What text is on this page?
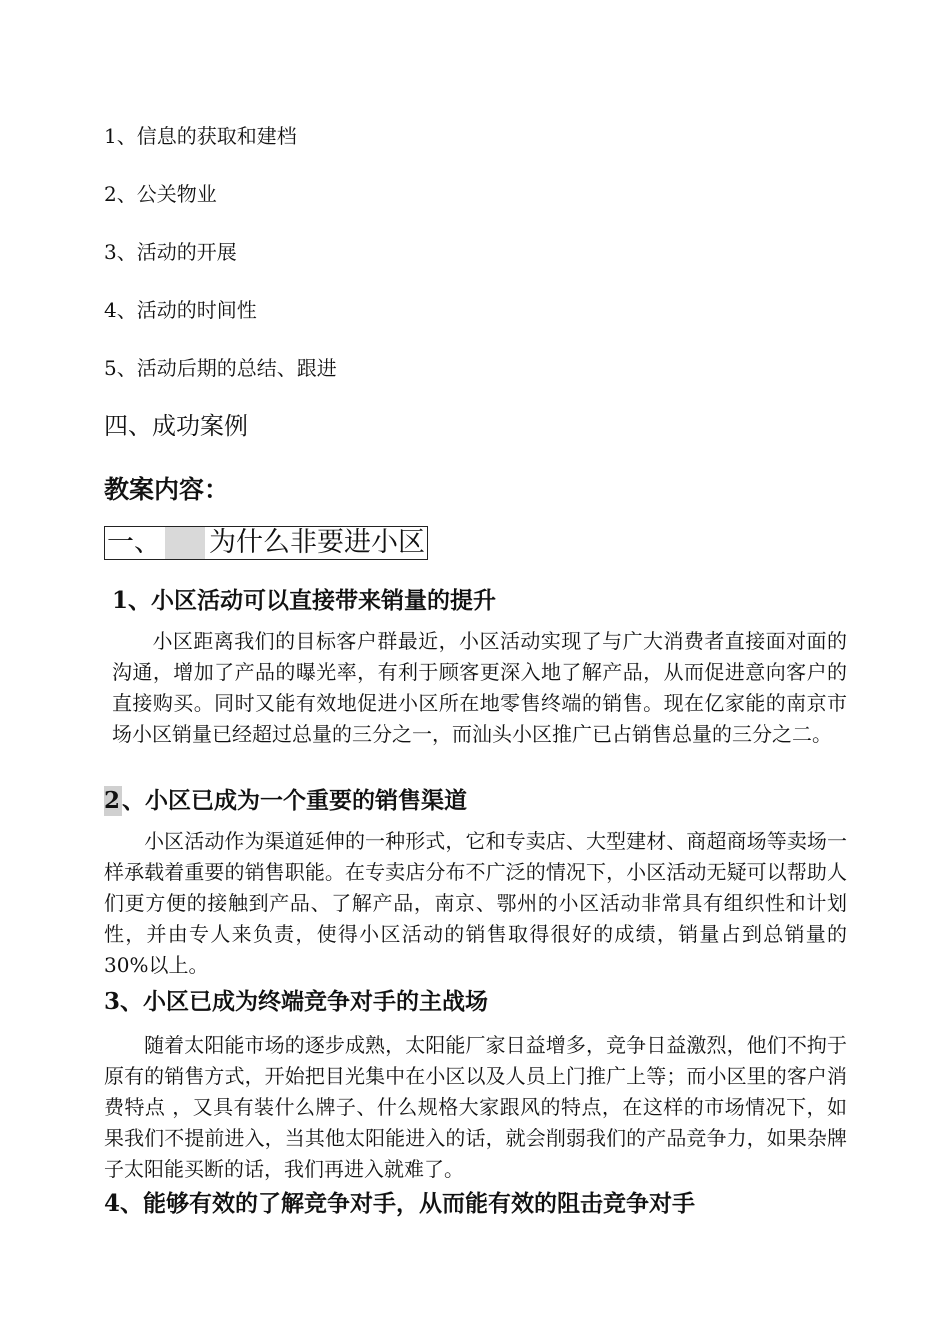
1、信息的获取和建档
2、公关物业
3、活动的开展
4、活动的时间性
5、活动后期的总结、跟进
四、成功案例
教案内容：
一、 为什么非要进小区
1、小区活动可以直接带来销量的提升
小区距离我们的目标客户群最近，小区活动实现了与广大消费者直接面对面的沟通，增加了产品的曝光率，有利于顾客更深入地了解产品，从而促进意向客户的直接购买。同时又能有效地促进小区所在地零售终端的销售。现在亿家能的南京市场小区销量已经超过总量的三分之一，而汕头小区推广已占销售总量的三分之二。
2、小区已成为一个重要的销售渠道
小区活动作为渠道延伸的一种形式，它和专卖店、大型建材、商超商场等卖场一样承载着重要的销售职能。在专卖店分布不广泛的情况下，小区活动无疑可以帮助人们更方便的接触到产品、了解产品，南京、鄂州的小区活动非常具有组织性和计划性，并由专人来负责，使得小区活动的销售取得很好的成绩，销量占到总销量的30%以上。
3、小区已成为终端竞争对手的主战场
随着太阳能市场的逐步成熟，太阳能厂家日益增多，竞争日益激烈，他们不拘于原有的销售方式，开始把目光集中在小区以及人员上门推广上等；而小区里的客户消费特点 ，又具有装什么牌子、什么规格大家跟风的特点，在这样的市场情况下，如果我们不提前进入，当其他太阳能进入的话，就会削弱我们的产品竞争力，如果杂牌子太阳能买断的话，我们再进入就难了。
4、能够有效的了解竞争对手，从而能有效的阻击竞争对手
